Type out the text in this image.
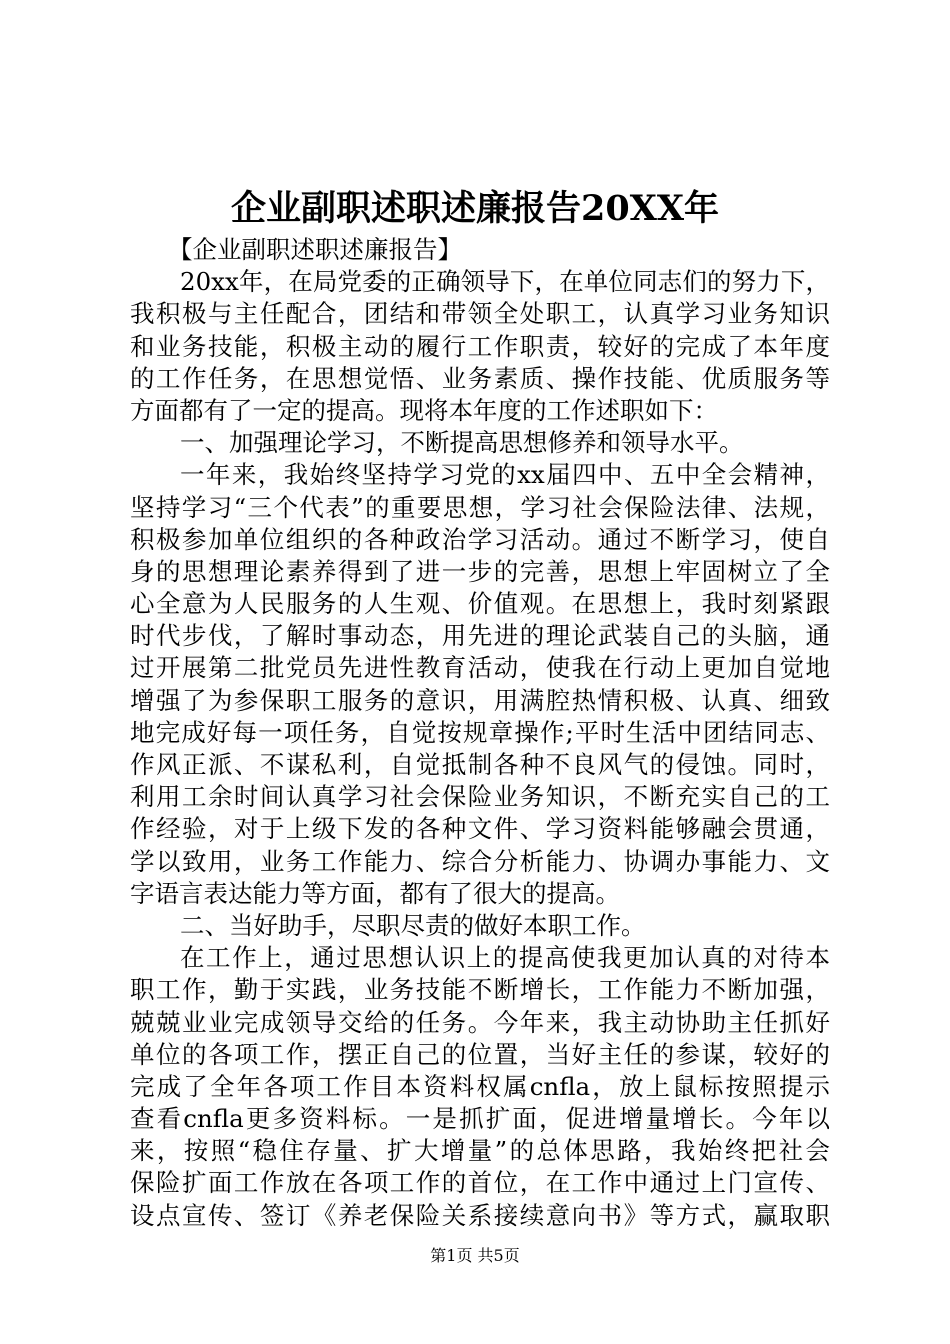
企业副职述职述廉报告20XX年
【企业副职述职述廉报告】
20xx年，在局党委的正确领导下，在单位同志们的努力下，
我积极与主任配合，团结和带领全处职工，认真学习业务知识
和业务技能，积极主动的履行工作职责，较好的完成了本年度
的工作任务，在思想觉悟、业务素质、操作技能、优质服务等
方面都有了一定的提高。现将本年度的工作述职如下：
一、加强理论学习，不断提高思想修养和领导水平。
一年来，我始终坚持学习党的xx届四中、五中全会精神，
坚持学习“三个代表”的重要思想，学习社会保险法律、法规，
积极参加单位组织的各种政治学习活动。通过不断学习，使自
身的思想理论素养得到了进一步的完善，思想上牢固树立了全
心全意为人民服务的人生观、价值观。在思想上，我时刻紧跟
时代步伐，了解时事动态，用先进的理论武装自己的头脑，通
过开展第二批党员先进性教育活动，使我在行动上更加自觉地
增强了为参保职工服务的意识，用满腔热情积极、认真、细致
地完成好每一项任务，自觉按规章操作;平时生活中团结同志、
作风正派、不谋私利，自觉抵制各种不良风气的侵蚀。同时，
利用工余时间认真学习社会保险业务知识，不断充实自己的工
作经验，对于上级下发的各种文件、学习资料能够融会贯通，
学以致用，业务工作能力、综合分析能力、协调办事能力、文
字语言表达能力等方面，都有了很大的提高。
二、当好助手，尽职尽责的做好本职工作。
在工作上，通过思想认识上的提高使我更加认真的对待本
职工作，勤于实践，业务技能不断增长，工作能力不断加强，
兢兢业业完成领导交给的任务。今年来，我主动协助主任抓好
单位的各项工作，摆正自己的位置，当好主任的参谋，较好的
完成了全年各项工作目本资料权属cnfla，放上鼠标按照提示
查看cnfla更多资料标。一是抓扩面，促进增量增长。今年以
来，按照“稳住存量、扩大增量”的总体思路，我始终把社会
保险扩面工作放在各项工作的首位，在工作中通过上门宣传、
设点宣传、签订《养老保险关系接续意向书》等方式，赢取职
第1页 共5页
